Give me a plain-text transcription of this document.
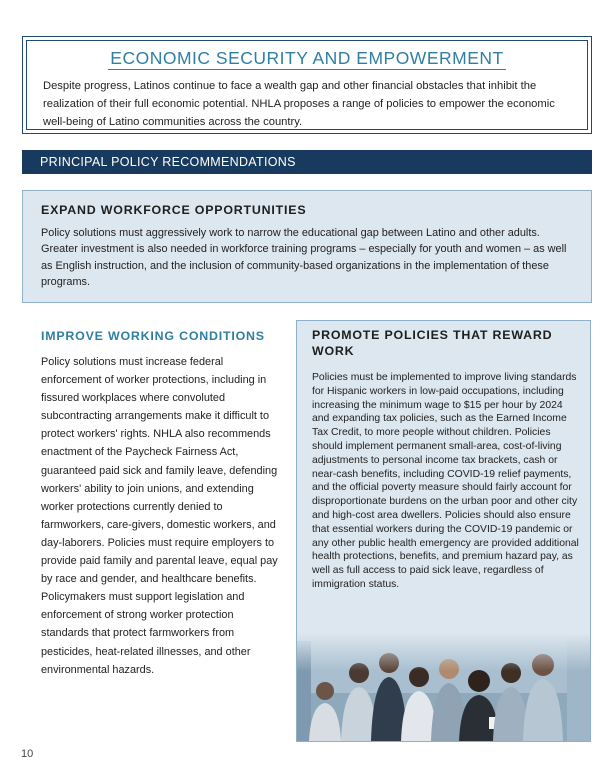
ECONOMIC SECURITY AND EMPOWERMENT

Despite progress, Latinos continue to face a wealth gap and other financial obstacles that inhibit the realization of their full economic potential. NHLA proposes a range of policies to empower the economic well-being of Latino communities across the country.

PRINCIPAL POLICY RECOMMENDATIONS
EXPAND WORKFORCE OPPORTUNITIES

Policy solutions must aggressively work to narrow the educational gap between Latino and other adults. Greater investment is also needed in workforce training programs – especially for youth and women – as well as English instruction, and the inclusion of community-based organizations in the implementation of these programs.

IMPROVE WORKING CONDITIONS

Policy solutions must increase federal enforcement of worker protections, including in fissured workplaces where convoluted subcontracting arrangements make it difficult to protect workers' rights. NHLA also recommends enactment of the Paycheck Fairness Act, guaranteed paid sick and family leave, defending workers' ability to join unions, and extending worker protections currently denied to farmworkers, care-givers, domestic workers, and day-laborers. Policies must require employers to provide paid family and parental leave, equal pay by race and gender, and healthcare benefits. Policymakers must support legislation and enforcement of strong worker protection standards that protect farmworkers from pesticides, heat-related illnesses, and other environmental hazards.

PROMOTE POLICIES THAT REWARD WORK

Policies must be implemented to improve living standards for Hispanic workers in low-paid occupations, including increasing the minimum wage to $15 per hour by 2024 and expanding tax policies, such as the Earned Income Tax Credit, to more people without children. Policies should implement permanent small-area, cost-of-living adjustments to personal income tax brackets, cash or near-cash benefits, including COVID-19 relief payments, and the official poverty measure should fairly account for disproportionate burdens on the urban poor and other city and high-cost area dwellers. Policies should also ensure that essential workers during the COVID-19 pandemic or any other public health emergency are provided additional health protections, benefits, and premium hazard pay, as well as full access to paid sick leave, regardless of immigration status.

10
